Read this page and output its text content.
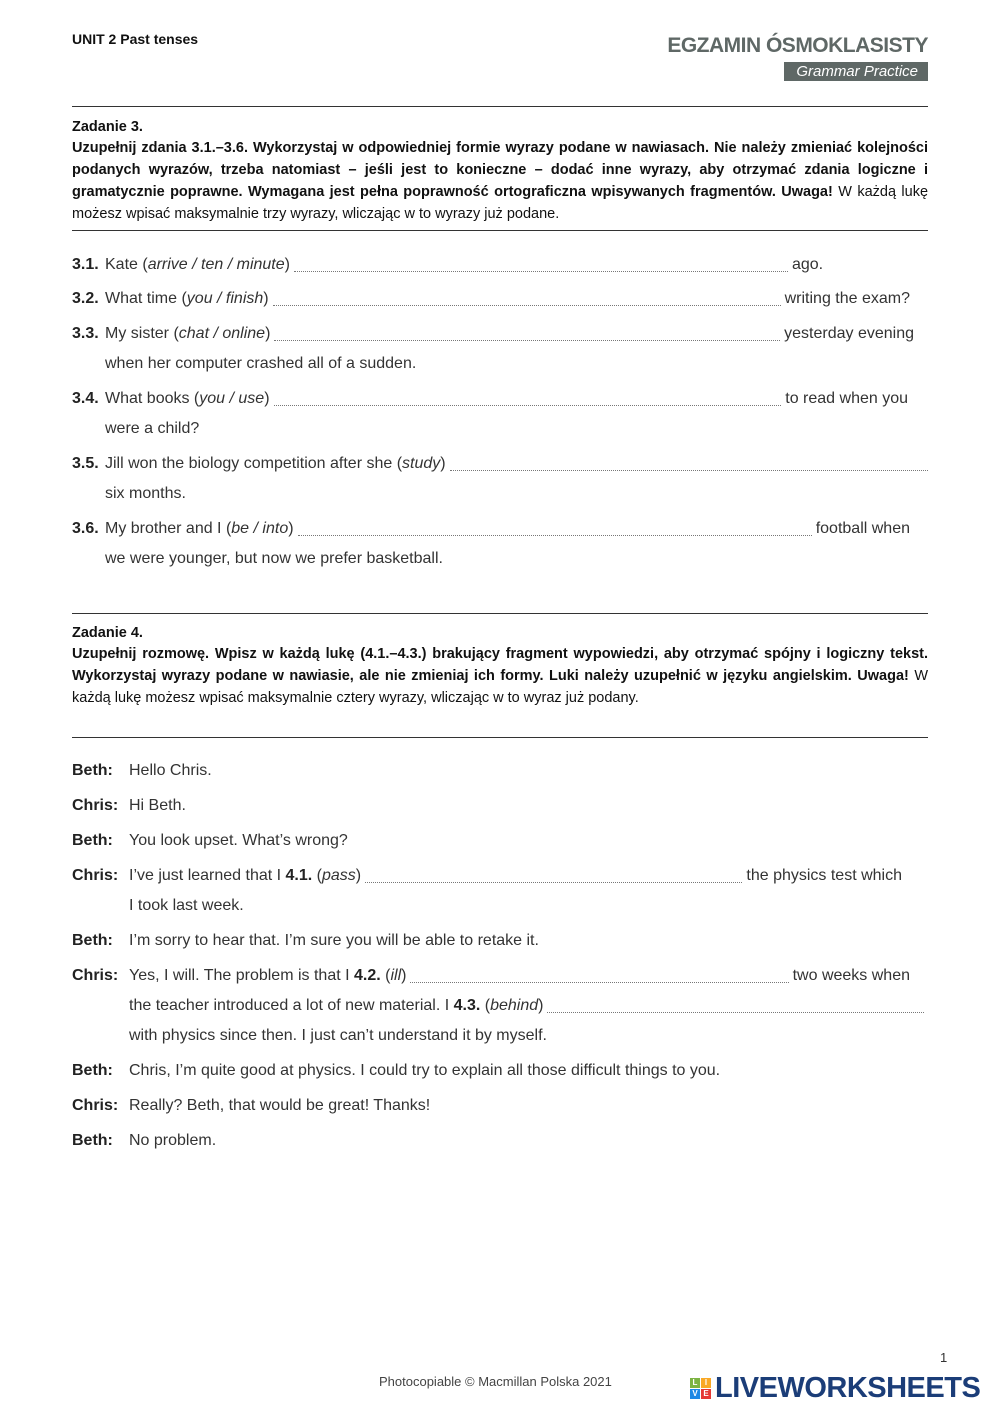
UNIT 2 Past tenses	EGZAMIN ÓSMOKLASISTY
Grammar Practice
Zadanie 3.

Uzupełnij zdania 3.1.–3.6. Wykorzystaj w odpowiedniej formie wyrazy podane w nawiasach. Nie należy zmieniać kolejności podanych wyrazów, trzeba natomiast – jeśli jest to konieczne – dodać inne wyrazy, aby otrzymać zdania logiczne i gramatycznie poprawne. Wymagana jest pełna poprawność ortograficzna wpisywanych fragmentów. Uwaga! W każdą lukę możesz wpisać maksymalnie trzy wyrazy, wliczając w to wyrazy już podane.

3.1. Kate ( arrive / ten / minute )	ago.
3.2. What time ( you / finish )	writing the exam?
3.3. My sister ( chat / online )	yesterday evening
when her computer crashed all of a sudden.
3.4. What books ( you / use )	to read when you
were a child?
3.5. Jill won the biology competition after she ( study )
six months.
3.6. My brother and I ( be / into )	football when
we were younger, but now we prefer basketball.
Zadanie 4.

Uzupełnij rozmowę. Wpisz w każdą lukę (4.1.–4.3.) brakujący fragment wypowiedzi, aby otrzymać spójny i logiczny tekst. Wykorzystaj wyrazy podane w nawiasie, ale nie zmieniaj ich formy. Luki należy uzupełnić w języku angielskim. Uwaga! W każdą lukę możesz wpisać maksymalnie cztery wyrazy, wliczając w to wyraz już podany.

Beth:	Hello Chris.
Chris: Hi Beth.
Beth:	You look upset. What’s wrong?
Chris: I’ve just learned that I 4.1. ( pass )	the physics test which
I took last week.
Beth:	I’m sorry to hear that. I’m sure you will be able to retake it.
Chris: Yes, I will. The problem is that I 4.2. ( ill )	two weeks when
the teacher introduced a lot of new material. I 4.3. ( behind )
with physics since then. I just can’t understand it by myself.
Beth:	Chris, I’m quite good at physics. I could try to explain all those difficult things to you.
Chris: Really? Beth, that would be great! Thanks!
Beth:	No problem.
Photocopiable © Macmillan Polska 2021	L I
V E LIVEWORKSHEETS
1
